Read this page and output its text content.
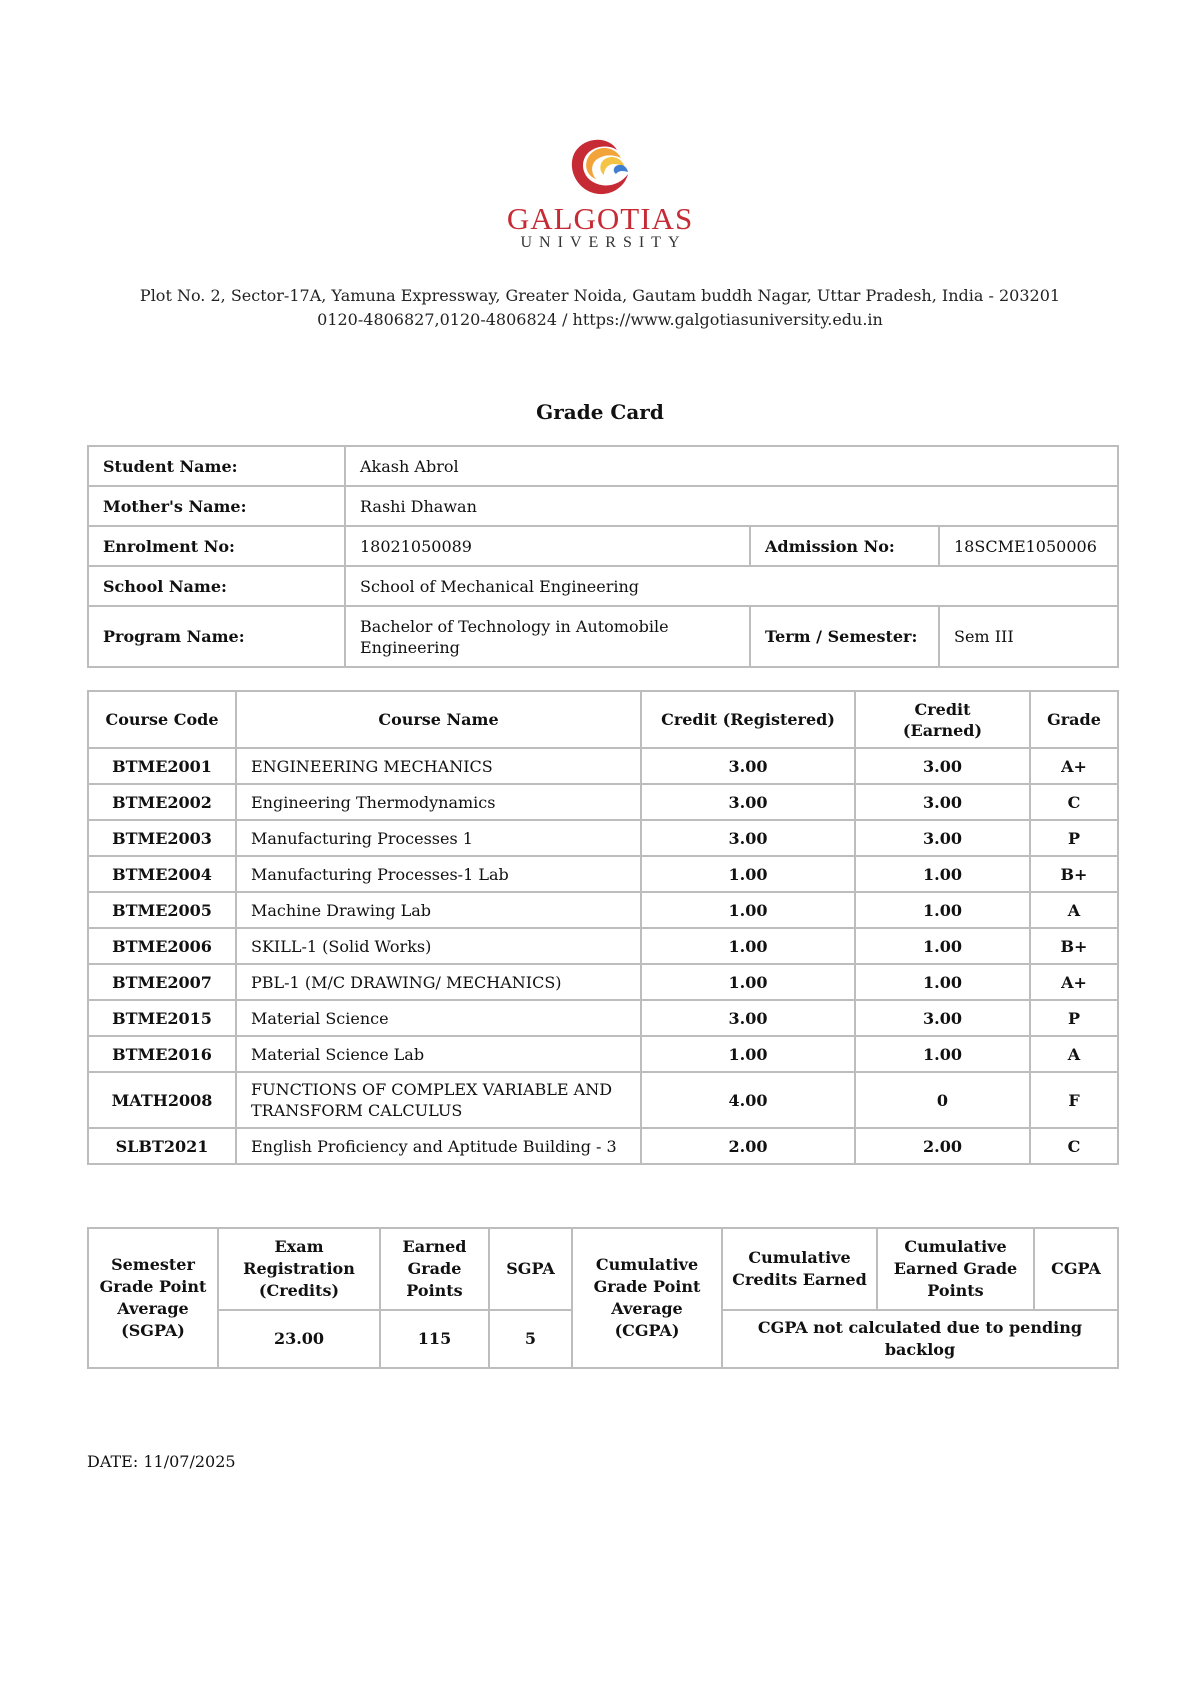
GALGOTIAS
UNIVERSITY
Plot No. 2, Sector-17A, Yamuna Expressway, Greater Noida, Gautam buddh Nagar, Uttar Pradesh, India - 203201
0120-4806827,0120-4806824 / https://www.galgotiasuniversity.edu.in
Grade Card
Student Name:	Akash Abrol		
Mother's Name:	Rashi Dhawan		
Enrolment No:	18021050089	Admission No:	18SCME1050006
School Name:	School of Mechanical Engineering		
Program Name:	Bachelor of Technology in Automobile Engineering	Term / Semester:	Sem III
Course Code	Course Name	Credit (Registered)	Credit (Earned)	Grade
BTME2001	ENGINEERING MECHANICS	3.00	3.00	A+
BTME2002	Engineering Thermodynamics	3.00	3.00	C
BTME2003	Manufacturing Processes 1	3.00	3.00	P
BTME2004	Manufacturing Processes-1 Lab	1.00	1.00	B+
BTME2005	Machine Drawing Lab	1.00	1.00	A
BTME2006	SKILL-1 (Solid Works)	1.00	1.00	B+
BTME2007	PBL-1 (M/C DRAWING/ MECHANICS)	1.00	1.00	A+
BTME2015	Material Science	3.00	3.00	P
BTME2016	Material Science Lab	1.00	1.00	A
MATH2008	FUNCTIONS OF COMPLEX VARIABLE AND TRANSFORM CALCULUS	4.00	0	F
SLBT2021	English Proficiency and Aptitude Building - 3	2.00	2.00	C
Semester Grade Point Average (SGPA)	Exam Registration (Credits)	Earned Grade Points	SGPA	Cumulative Grade Point Average (CGPA)	Cumulative Credits Earned	Cumulative Earned Grade Points	CGPA
	23.00	115	5		CGPA not calculated due to pending backlog		
DATE: 11/07/2025
